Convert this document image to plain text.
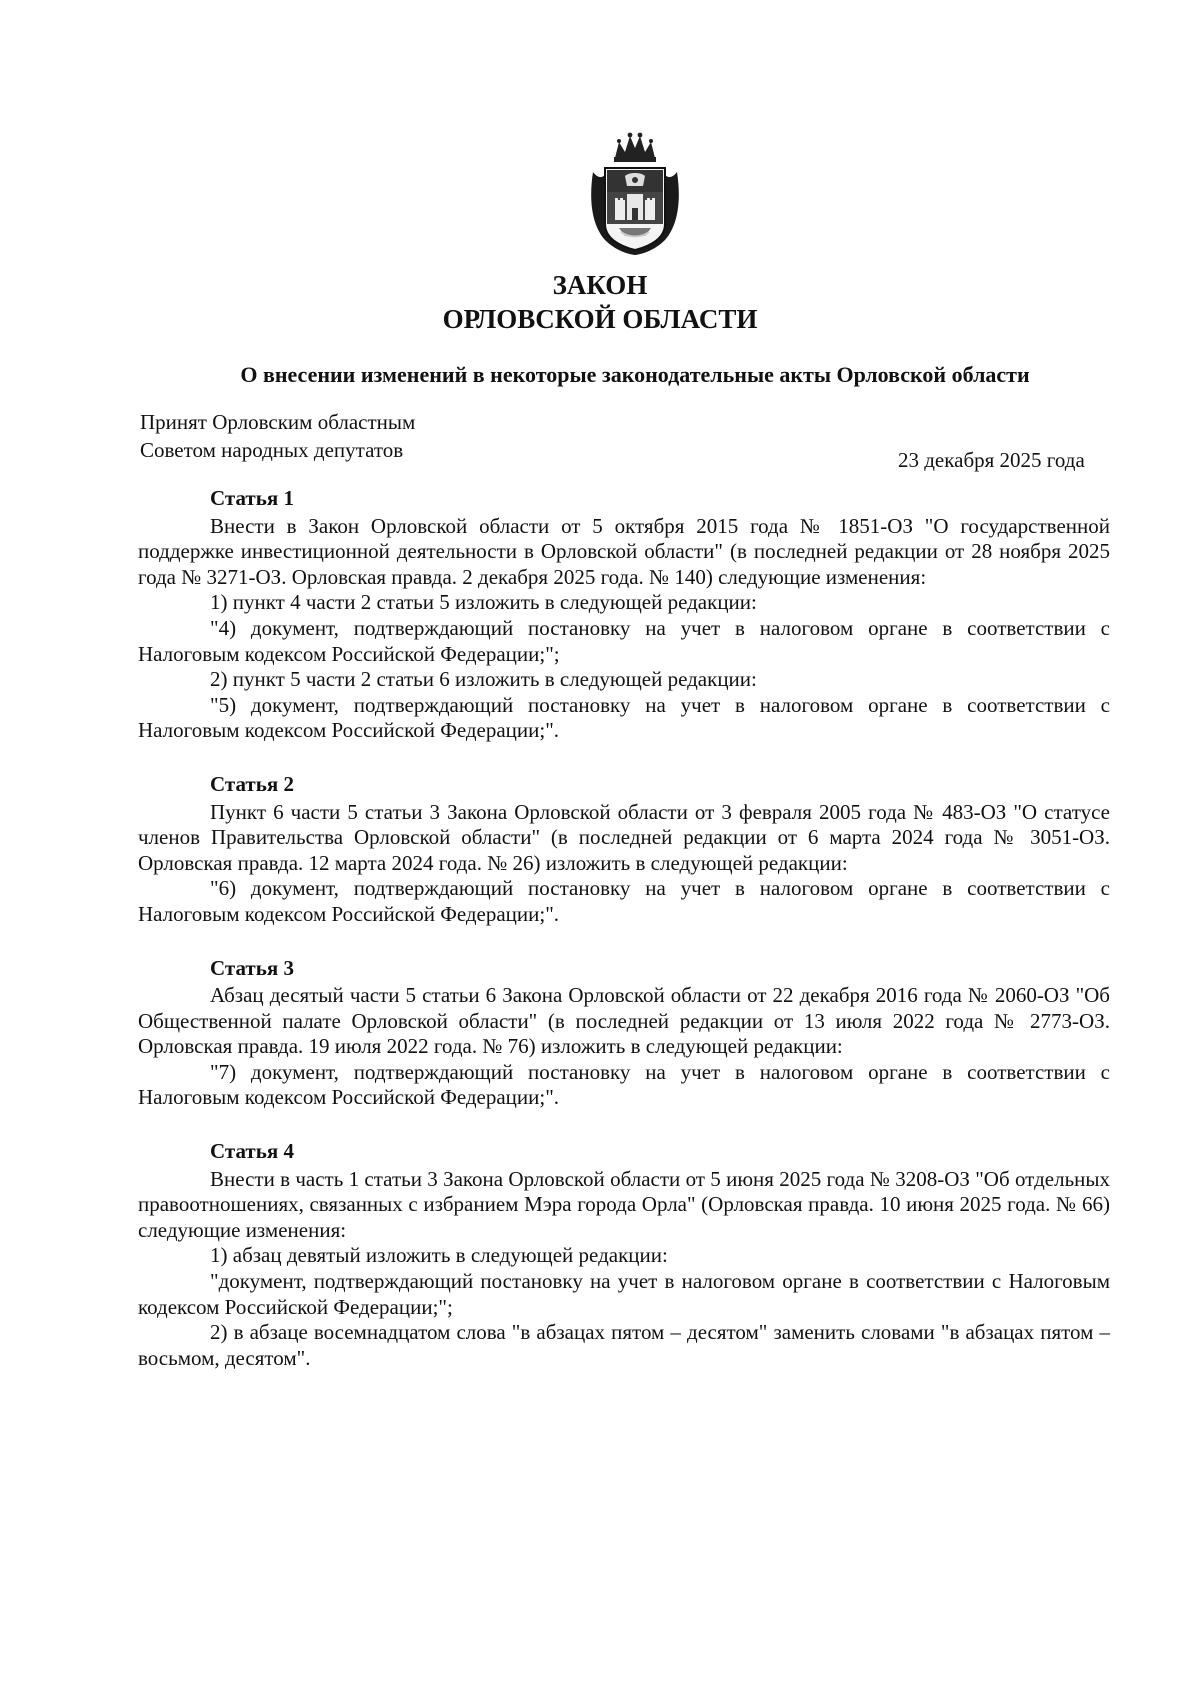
ЗАКОН
ОРЛОВСКОЙ ОБЛАСТИ
О внесении изменений в некоторые законодательные акты Орловской области
Принят Орловским областным
Советом народных депутатов	23 декабря 2025 года
Статья 1

Внести в Закон Орловской области от 5 октября 2015 года № 1851-ОЗ "О государственной поддержке инвестиционной деятельности в Орловской области" (в последней редакции от 28 ноября 2025 года № 3271-ОЗ. Орловская правда. 2 декабря 2025 года. № 140) следующие изменения:

1) пункт 4 части 2 статьи 5 изложить в следующей редакции:

"4) документ, подтверждающий постановку на учет в налоговом органе в соответствии с Налоговым кодексом Российской Федерации;";

2) пункт 5 части 2 статьи 6 изложить в следующей редакции:

"5) документ, подтверждающий постановку на учет в налоговом органе в соответствии с Налоговым кодексом Российской Федерации;".

Статья 2

Пункт 6 части 5 статьи 3 Закона Орловской области от 3 февраля 2005 года № 483-ОЗ "О статусе членов Правительства Орловской области" (в последней редакции от 6 марта 2024 года № 3051-ОЗ. Орловская правда. 12 марта 2024 года. № 26) изложить в следующей редакции:

"6) документ, подтверждающий постановку на учет в налоговом органе в соответствии с Налоговым кодексом Российской Федерации;".

Статья 3

Абзац десятый части 5 статьи 6 Закона Орловской области от 22 декабря 2016 года № 2060-ОЗ "Об Общественной палате Орловской области" (в последней редакции от 13 июля 2022 года № 2773-ОЗ. Орловская правда. 19 июля 2022 года. № 76) изложить в следующей редакции:

"7) документ, подтверждающий постановку на учет в налоговом органе в соответствии с Налоговым кодексом Российской Федерации;".

Статья 4

Внести в часть 1 статьи 3 Закона Орловской области от 5 июня 2025 года № 3208-ОЗ "Об отдельных правоотношениях, связанных с избранием Мэра города Орла" (Орловская правда. 10 июня 2025 года. № 66) следующие изменения:

1) абзац девятый изложить в следующей редакции:

"документ, подтверждающий постановку на учет в налоговом органе в соответствии с Налоговым кодексом Российской Федерации;";

2) в абзаце восемнадцатом слова "в абзацах пятом – десятом" заменить словами "в абзацах пятом – восьмом, десятом".
